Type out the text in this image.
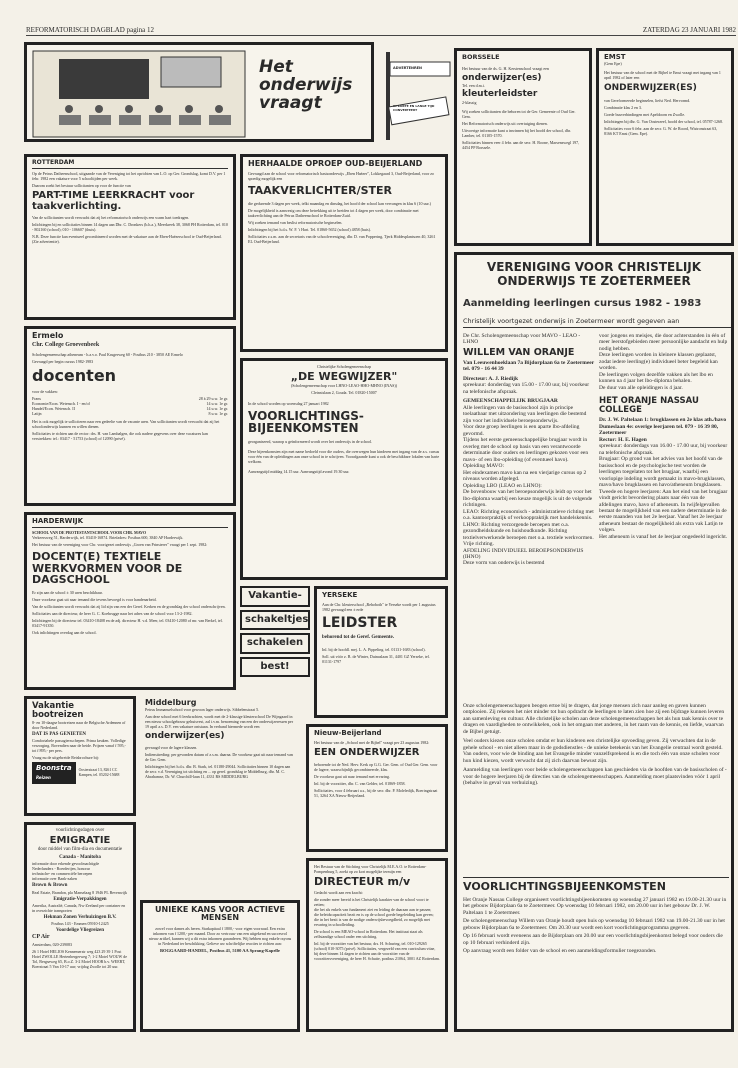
REFORMATORISCH DAGBLAD pagina 12	ZATERDAG 23 JANUARI 1982
Het
onderwijs
vraagt
ADVERTENREN
IN KORTE EN LANGE TIJD CONVERTEERT
ROTTERDAM
Op de Petrus Datheenschool, uitgaande van de Vereniging tot het oprichten van L.O. op Ger. Grondslag, komt D.V. per 1 febr. 1982 een vakature voor 5 schooltijden per week.
Daarom zoekt het bestuur sollicitanten op voor de functie van
PART-TIME LEERKRACHT voor taakverlichting.
Van de sollicitanten wordt verwacht dat zij het reformatorisch onderwijs een warm hart toedragen.
Inlichtingen bij en sollicitaties binnen 14 dagen aan Dhr. C. Dronkers (b.h.a.), Meerkreek 38, 3068 PH Rotterdam, tel. 010 - 802160 (school); 010 - 106607 (thuis).
N.B. Deze functie kan eventueel gecombineerd worden met de vakature aan de Eben-Haëzerschool te Oud-Beijerland. (Zie advertentie).
Ermelo
Chr. College Groevenbeek
Scholengemeenschap atheneum - h.a.v.o. Paul Krugerweg 60 - Postbus 210 - 3850 AE Ermelo
Gevraagd per begin cursus 1982-1983
docenten
voor de vakken:
Frans	28 à 29 u.w. 1e gr.
Economie/Econ. Wetensch. I - en/of	14 u.w. 1e gr.
Handel/Econ. Wetensch. II	14 u.w. 1e gr.
Latijn	8 u.w. 1e gr.
Het is ook mogelijk te solliciteren naar een gedeelte van de vacante uren. Van sollicitanten wordt verwacht dat zij het schoolonderwijs kunnen en willen dienen.
Sollicitaties te richten aan de rector: drs. H. van Lambalgen, die ook nadere gegevens over deze vacatures kan verstrekken: tel.: 03417 - 51753 (school) of 12090 (privé).
HARDERWIJK
SCHOOL VAN DE PROTESTANTSCHOOL VOOR CHR. MAVO
Verkeersweg 51, Harderwijk, tel. 03410-16874. Briefadres: Postbus 600, 3840 AP Harderwijk.
Het bestuur van de vereniging voor Chr. voortgezet onderwijs „Groen van Prinsterer" vraagt per 1 sept. 1982:
DOCENT(E) TEXTIELE WERKVORMEN VOOR DE DAGSCHOOL
Er zijn aan de school ± 30 uren beschikbaar.
Onze voorkeur gaat uit naar iemand die tevens bevoegd is voor handenarbeid.
Van de sollicitanten wordt verwacht dat zij lid zijn van een der Geref. Kerken en de grondslag der school onderschrijven.
Sollicitaties aan de directeur, de heer G. C. Koebrugge naar het adres van de school voor 13-2-1982.
Inlichtingen bij de directeur tel. 03410-18408 en de adj. directeur H. v.d. Meer, tel. 03410-12080 of mr. van Berkel, tel. 03417-91350.
Ook inlichtingen overdag aan de school.
Vakantie bootreizen
8- en 10-daagse bootreizen naar de Belgische Ardennen of door Nederland.
DAT IS PAS GENIETEN
Comfortabele passagiersschepen. Prima keuken. Volledige verzorging. Bovendien naar de beide. Prijzen vanaf f 595,- tot f 895,- per pers.
Vraag nu de uitgebreide Reisbrochure bij:
Boonstra Reizen
Oosterstraat 13, 8261 CC Kampen, tel. 05202-15688
voorlichtingsdagen over
EMIGRATIE
door middel van film-dia en documentatie
Canada - Manitoba
informatie door erkende gevoolmachtigde
Nederlanders - Boerderijen, honorar
technische- en commerciële beroepen
informatie over Bank-zaken
Brown & Brown
Real Estate, Brandon, pla Manselaag 8 1946 PL Bevenwijk
Emigratie-Verpakkingen
Amerika, Australië, Canada, Nw-Zeeland per container en in overzichte transporten
Hekman Zonen Verhuizingen B.V.
Postbus 143 - Emmen 05910-12425
Voordelige Vliegreizen
CP Air
Amsterdam, 020-239083
26 1 Hotel HELIOS Kennemerstr weg 423 29 39 1 Post Hotel ZWOLLE Hertenbergerweg 7; 1-2 Motel WOUW de Tol, Bergseweg 65, B.o.Z. 3-2 Motel HOOR b.v. WEERT, Boerstraat 5 Van 10-17 uur; vrijdag Zwolle tot 20 uur.
HERHAALDE OPROEP OUD-BEIJERLAND
Gevraagd aan de school voor reformatorisch basisonderwijs „Eben Haëzer", Lokkegaard 3, Oud-Beijerland, voor zo spoedig mogelijk een
TAAKVERLICHTER/STER
die gedurende 3 dagen per week, telkt maandag en dinsdag, het hoofd der school kan vervangen in klas 6 (10 uur.)
De mogelijkheid is aanwezig om deze betrekking uit te breiden tot 4 dagen per week, door combinatie met taakverlichting aan de Petrus Datheenschool te Rotterdam-Zuid.
Wij zoeken iemand van beslist reformatorische beginselen.
Inlichtingen bij het h.d.s. W. F. 't Hart. Tel. 01860-5652 (school) 4858 (huis).
Sollicitaties z.s.m. aan de secretaris van de schoolvereniging, dhr. D. van Poppering, Tjerk Hiddesplantsoen 40, 3261 EL Oud-Beijerland.
Christelijke Scholengemeenschap
„DE WEGWIJZER"
(Scholengemeenschap voor LHNO-LEAO-HHO-MHNO (INAS))
Cleinstslaan 2, Gouda. Tel. 01820-15007
In de school worden op woensdag 27 januari 1982
VOORLICHTINGS-BIJEENKOMSTEN
georganiseerd, waarop u geïnformeerd wordt over het onderwijs in de school.
Deze bijeenkomsten zijn met name bedoeld voor die ouders, die overwegen hun kinderen met ingang van de a.s. cursus voor één van de opleidingen aan onze school in te schrijven. Voorafgaande kunt u ook de beschikbare lokalen van harte welkom.
Aanvangstijd middag 14.15 uur. Aanvangstijd avond 19.30 uur.
Vakantie-
schakeltjes
schakelen
best!
YERSEKE
Aan de Chr. kleuterschool „Rehoboth" te Yerseke wordt per 1 augustus 1982 gevraagd een ± erde
LEIDSTER
behorend tot de Geref. Gemeente.
Inl. bij de hoofdl. mej. L. A. Pippeling. tel. 01131-1683 (school).
Soll. uit vóór z. B. de Winter, Duinaslaan 31, 4401 GZ Yerseke, tel. 01131-1797
Middelburg
Petrus Immanuelschool voor gewoon lager onderwijs. Sibbelenstraat 5.
Aan deze school met 6 leerkrachten, wordt met de 2-klassige kleuterschool De Wijngaard in een nieuw schoolgebouw gehuisvest, zal i.v.m. benoeming van een der onderwijzeressen per 19 april a.s. D.V. een vakature ontstaan. In verband hiermede wordt een
onderwijzer(es)
gevraagd voor de lagere klassen.
Indiensttreding: per gevonden datum of z.s.m. daarna. De voorkeur gaat uit naar iemand van de Ger. Gem.
Inlichtingen bij het h.d.s. dhr. B. Stark, tel. 01180-29044. Sollicitaties binnen 10 dagen aan de secr. v.d. Vereniging tot stichting en ... op geref. grondslag te Middelburg, dhr. M. C. Abrahamse, Dr. W. Churchill-laan 11, 4331 RS MIDDELBURG
Nieuw-Beijerland
Het bestuur van de „School met de Bijbel" vraagt per 23 augustus 1982:
EEN ONDERWIJZER
behorende tot de Ned. Herv. Kerk op G.G. Ger. Gem. of Oud Ger. Gem. voor de lagere, waarschijnlijk gecombineerde, klas.
De voorkeur gaat uit naar iemand met ervaring.
Inl. bij de voorzitter, dhr. C. van Gelder, tel. 01869-1858.
Sollicitaties, voor 4 februari a.s., bij de secr. dhr. P. Moleledijk, Boeringstraat 51, 3264 XA Nieuw-Beijerland.
UNIEKE KANS VOOR ACTIEVE MENSEN
zowel voor dames als heren. Starkapitaal f 1800,- voor eigen voorraad. Een extra inkomen van f 1200,- per maand. Door zo vertrouw van een uitgekend en succesvol nieuw artikel, kunnen wij u dit extra inkomen garanderen. Wij hebben nog enkele rayons in Nederland ter beschikking. Gelieve uw schriftelijke reacties te richten aan:
BOGGAARD-HANDEL, Postbus 41, 5100 AA Sprang-Kapelle
Het Bestuur van de Stichting voor Christelijk M.E.A.O. te Rotterdam-Pompenburg 5, zoekt op zo kort mogelijke termijn een
DIRECTEUR m/v
Gedacht wordt aan een kracht:
die zonder meer bereid is het Christelijk karakter van de school voort te zetten;
die het als enkels van fundament ziet en leiding de daaraan aan te passen;
die beleidscapaciteit bezit en is op de school goede begeleiding kan geven;
die in het bezit is van de nodige onderwijsbevoegdheid, zo mogelijk met ervaring in schoolleiding.
De school is een MEAO-school in Rotterdam. Het instituut staat als zelfstandige school onder een stichting.
Inl. bij de voorzitter van het bestuur, drs. H. Schuring, tel. 010-129265 (school) 010-3075 (privé). Sollicitaties, vergezeld van een curriculum vitae, bij deze binnen 14 dagen te richten aan de voorzitter van de voorzittersvereniging, de heer H. Schutte, postbus 21064, 3001 AZ Rotterdam.
BORSSELE
Het bestuur van de ds. G. H. Kerstenschool vraagt een
onderwijzer(es)
Tel. een d.m.i.
kleuterleidster
2-klassig
Wij zoeken sollicitanten die behoren tot de Ger. Gemeente of Oud Ger. Gem.
Het Reformatorisch onderwijs uit overtuiging dienen.
Uitvoerige informatie kunt u inwinnen bij het hoofd der school, dhr. Lamber, tel. 01105-1570.
Sollicitaties binnen veer 4 febr. aan de secr. H. Boone, Marsenswegl 197, 4454 PP Borssele.
EMST
(Gem Epe)
Het bestuur van de school met de Bijbel te Emst vraagt met ingang van 1 april 1982 of later een
ONDERWIJZER(ES)
van Gereformeerde beginselen, liefst Ned. Hervormd.
Combinatie klas 2 en 3.
Goede busverbindingen met Apeldoorn en Zwolle.
Inlichtingen bij dhr. G. Van Oosterzeel, hoofd der school, tel. 05787-1268.
Sollicitaties voor 6 febr. aan de secr. G. W. de Roord, Wistronstraat 63, 8166 KT Emst (Gem. Epe).
VERENIGING VOOR CHRISTELIJK ONDERWIJS TE ZOETERMEER
Aanmelding leerlingen cursus 1982 - 1983
Christelijk voortgezet onderwijs in Zoetermeer wordt gegeven aan
De Chr. Scholengemeenschap voor MAVO - LEAO - LHNO
WILLEM VAN ORANJE
Van Leeuwenhoeklaan 7a Bijdorplaan 6a te Zoetermeer tel. 079 - 16 44 39
Directeur: A. J. Riedijk
spreekuur: donderdag van 15.00 - 17.00 uur, bij voorkeur na telefonische afspraak.
GEMEENSCHAPPELIJK BRUGJAAR
Alle leerlingen van de basisschool zijn in principe toelaatbaar met uitzondering van leerlingen die bestemd zijn voor het individuele beroepsonderwijs.
Voor deze groep leerlingen is een aparte lbo-afdeling gevormd.
Tijdens het eerste gemeenschappelijke brugjaar wordt in overleg met de school op basis van een verantwoorde determinatie door ouders en leerlingen gekozen voor een mavo- of een lbo-opleiding (of eventueel havo).
Opleiding MAVO:
Het eindexamen mavo kan na een vierjarige cursus op 2 niveaus worden afgelegd.
Opleiding LBO (LEAO en LHNO):
De bovenbouw van het beroepsonderwijs leidt op voor het lbo-diploma waarbij een keuze mogelijk is uit de volgende richtingen.
LEAO: Richting economisch - administratieve richting met o.a. kantoorpraktijk of verkooppraktijk met handelskennis.
LHNO: Richting verzorgende beroepen met o.a. gezondheidskunde en huishoudkunde. Richting textielverwerkende beroepen met o.a. textiele werkvormen. Vrije richting.
AFDELING INDIVIDUEEL BEROEPSONDERWIJS (IHNO)
Deze vorm van onderwijs is bestemd
voor jongens en meisjes, die door achterstanden in één of meer leerstofgebieden meer persoonlijke aandacht en hulp nodig hebben.
Deze leerlingen worden in kleinere klassen geplaatst, zodat iedere leerling(e) individueel beter begeleid kan worden.
De leerlingen volgen dezelfde vakken als het lbo en kunnen na 4 jaar het lbo-diploma behalen.
De duur van alle opleidingen is 4 jaar.
HET ORANJE NASSAU COLLEGE
Dr. J. W. Paltelaan 1: brugklassen en 2e klas ath./havo
Dumeslaan 4e: overige leerjaren tel. 079 - 16 39 80, Zoetermeer
Rector: H. E. Hagen
spreekuur: donderdags van 16.00 - 17.00 uur, bij voorkeur na telefonische afspraak.
Brugjaar: Op grond van het advies van het hoofd van de basisschool en de psychologische test worden de leerlingen toegelaten tot het brugjaar, waarbij een voorlopige indeling wordt gemaakt in mavo-brugklassen, mavo/havo brugklassen en havo/atheneum brugklassen.
Tweede en hogere leerjaren: Aan het eind van het brugjaar vindt gericht bevordering plaats naar één van de afdelingen mavo, havo of atheneum. In twijfelgevallen bestaat de mogelijkheid van een nadere determinatie in de eerste maanden van het 2e leerjaar. Vanaf het 2e leerjaar atheneum bestaat de mogelijkheid als extra vak Latijn te volgen.
Het atheneum is vanaf het 4e leerjaar ongedeeld ingericht.
Onze scholengemeenschappen beogen ertoe bij te dragen, dat jonge mensen zich naar aanleg en gaven kunnen ontplooien. Zij rekenen het niet minder tot hun opdracht de leerlingen te laten zien hoe zij een bijdrage kunnen leveren aan samenleving en cultuur. Alle christelijke scholen aan deze scholengemeenschappen het als hun taak kennis over te dragen en vaardigheden te ontwikkelen, ook in het omgaan met anderen, in het raam van de kennis, en liefde, waarvan de Bijbel getuigt.
Veel ouders kiezen onze scholen omdat er hun kinderen een christelijke opvoeding geven. Zij verwachten dat in de gehele school - en niet alleen maar in de godsdienstles - de unieke betekenis van het Evangelie centraal wordt gesteld. Van ouders, voor wie de binding aan het Evangelie minder vanzelfsprekend is en die toch één van onze scholen voor hun kind kiezen, wordt verwacht dat zij zich daarvan bewust zijn.
Aanmelding van leerlingen voor beide scholengemeenschappen kan geschieden via de hoofden van de basisscholen of - voor de hogere leerjaren bij de directies van de scholengemeenschappen. Aanmelding moet plaatsvinden vóór 1 april (behalve in geval van verhuizing).
VOORLICHTINGSBIJEENKOMSTEN
Het Oranje Nassau College organiseert voorlichtingsbijeenkomsten op woensdag 27 januari 1982 en 19.00-21.30 uur in het gebouw Bijdorplaan 6a te Zoetermeer. Op woensdag 10 februari 1982, om 20.00 uur in het gebouw Dr. J. W. Paltelaan 1 te Zoetermeer.
De scholengemeenschap Willem van Oranje houdt open huis op woensdag 10 februari 1982 van 19.00-21.30 uur in het gebouw Bijdorplaan 6a te Zoetermeer. Om 20.30 uur wordt een kort voorlichtingsprogramma gegeven.
Op 16 februari wordt eveneens aan de Bijdorplaan om 20.00 uur een voorlichtingsbijeenkomst belegd voor ouders die op 10 februari verhinderd zijn.
Op aanvraag wordt een folder van de school en een aanmeldingsformulier toegezonden.
